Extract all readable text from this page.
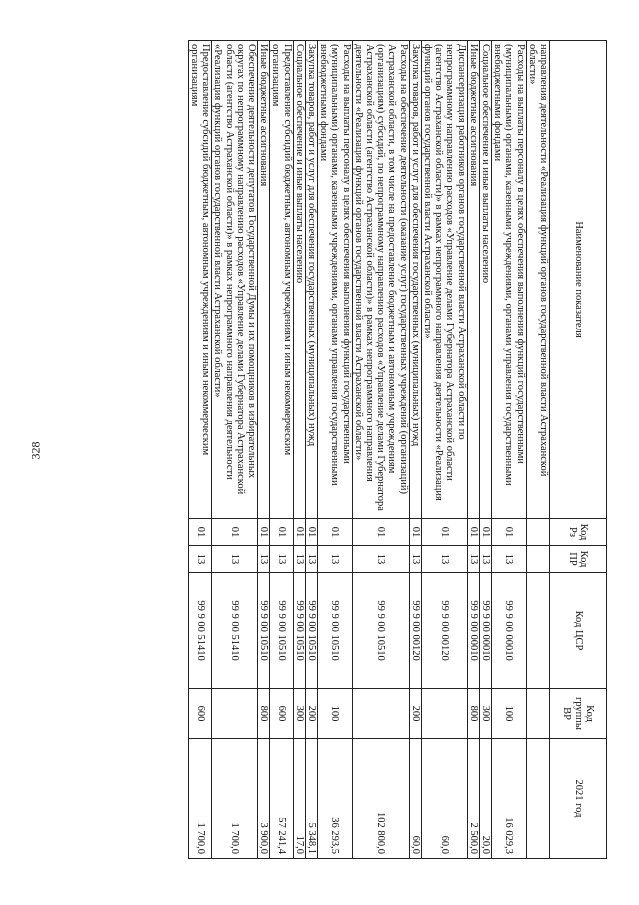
328
Наименование показателя	Код Рз	Код ПР	Код ЦСР	Код группы ВР	2021 год
направления деятельности «Реализация функций органов государственной власти Астраханской области»					
Расходы на выплаты персоналу в целях обеспечения выполнения функций государственными (муниципальными) органами, казенными учреждениями, органами управления государственными внебюджетными фондами	01	13	99 9 00 00010	100	16 029,3
Социальное обеспечение и иные выплаты населению	01	13	99 9 00 00010	300	20,0
Иные бюджетные ассигнования	01	13	99 9 00 00010	800	2 500,0
Диспансеризация работников органов государственной власти Астраханской области по непрограммному направлению расходов «Управление делами Губернатора Астраханской области (агентство Астраханской области)» в рамках непрограммного направления деятельности «Реализация функций органов государственной власти Астраханской области»	01	13	99 9 00 00120		60,0
Закупка товаров, работ и услуг для обеспечения государственных (муниципальных) нужд	01	13	99 9 00 00120	200	60,0
Расходы на обеспечение деятельности (оказание услуг) государственных учреждений (организаций) Астраханской области, в том числе на предоставление бюджетным и автономным учреждениям (организациям) субсидий, по непрограммному направлению расходов «Управление делами Губернатора Астраханской области (агентство Астраханской области)» в рамках непрограммного направления деятельности «Реализация функций органов государственной власти Астраханской области»	01	13	99 9 00 10510		102 800,0
Расходы на выплаты персоналу в целях обеспечения выполнения функций государственными (муниципальными) органами, казенными учреждениями, органами управления государственными внебюджетными фондами	01	13	99 9 00 10510	100	36 293,5
Закупка товаров, работ и услуг для обеспечения государственных (муниципальных) нужд	01	13	99 9 00 10510	200	5 348,1
Социальное обеспечение и иные выплаты населению	01	13	99 9 00 10510	300	17,0
Предоставление субсидий бюджетным, автономным учреждениям и иным некоммерческим организациям	01	13	99 9 00 10510	600	57 241,4
Иные бюджетные ассигнования	01	13	99 9 00 10510	800	3 900,0
Обеспечение деятельности депутатов Государственной Думы и их помощников в избирательных округах по непрограммному направлению расходов «Управление делами Губернатора Астраханской области (агентство Астраханской области)» в рамках непрограммного направления деятельности «Реализация функций органов государственной власти Астраханской области»	01	13	99 9 00 51410		1 700,0
Предоставление субсидий бюджетным, автономным учреждениям и иным некоммерческим организациям	01	13	99 9 00 51410	600	1 700,0
